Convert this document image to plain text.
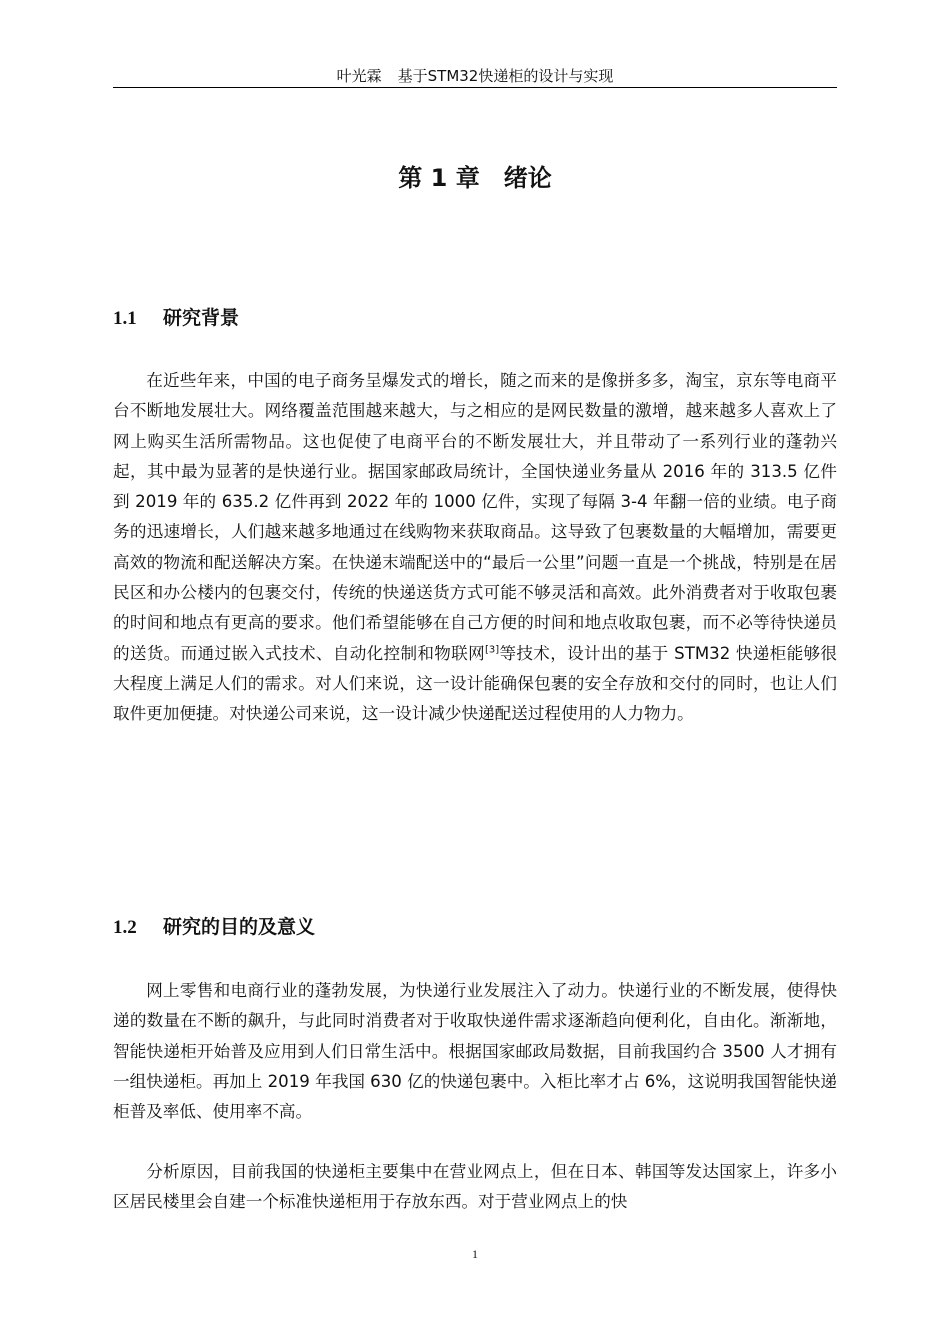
叶光霖 基于STM32快递柜的设计与实现
第 1 章 绪论
1.1 研究背景

在近些年来，中国的电子商务呈爆发式的增长，随之而来的是像拼多多，淘宝，京东等电商平台不断地发展壮大。网络覆盖范围越来越大，与之相应的是网民数量的激增，越来越多人喜欢上了网上购买生活所需物品。这也促使了电商平台的不断发展壮大，并且带动了一系列行业的蓬勃兴起，其中最为显著的是快递行业。据国家邮政局统计，全国快递业务量从 2016 年的 313.5 亿件到 2019 年的 635.2 亿件再到 2022 年的 1000 亿件，实现了每隔 3-4 年翻一倍的业绩。电子商务的迅速增长，人们越来越多地通过在线购物来获取商品。这导致了包裹数量的大幅增加，需要更高效的物流和配送解决方案。在快递末端配送中的“最后一公里”问题一直是一个挑战，特别是在居民区和办公楼内的包裹交付，传统的快递送货方式可能不够灵活和高效。此外消费者对于收取包裹的时间和地点有更高的要求。他们希望能够在自己方便的时间和地点收取包裹，而不必等待快递员的送货。而通过嵌入式技术、自动化控制和物联网[3]等技术，设计出的基于 STM32 快递柜能够很大程度上满足人们的需求。对人们来说，这一设计能确保包裹的安全存放和交付的同时，也让人们取件更加便捷。对快递公司来说，这一设计减少快递配送过程使用的人力物力。

1.2 研究的目的及意义

网上零售和电商行业的蓬勃发展，为快递行业发展注入了动力。快递行业的不断发展，使得快递的数量在不断的飙升，与此同时消费者对于收取快递件需求逐渐趋向便利化，自由化。渐渐地，智能快递柜开始普及应用到人们日常生活中。根据国家邮政局数据，目前我国约合 3500 人才拥有一组快递柜。再加上 2019 年我国 630 亿的快递包裹中。入柜比率才占 6%，这说明我国智能快递柜普及率低、使用率不高。

分析原因，目前我国的快递柜主要集中在营业网点上，但在日本、韩国等发达国家上，许多小区居民楼里会自建一个标准快递柜用于存放东西。对于营业网点上的快

1
